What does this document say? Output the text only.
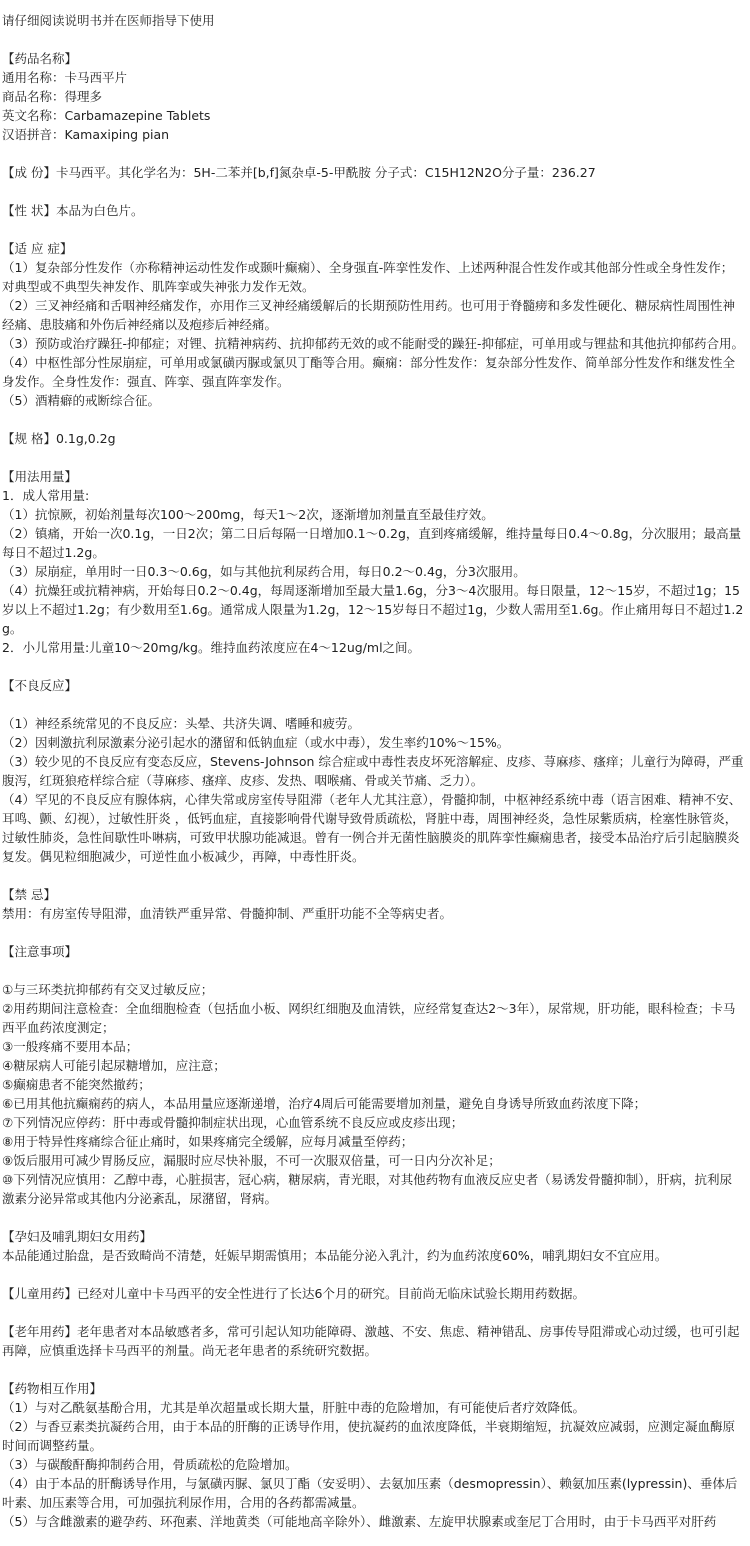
请仔细阅读说明书并在医师指导下使用

【药品名称】

通用名称：卡马西平片

商品名称：得理多

英文名称：Carbamazepine Tablets

汉语拼音：Kamaxiping pian

【成 份】卡马西平。其化学名为：5H-二苯并[b,f]氮杂卓-5-甲酰胺 分子式：C15H12N2O分子量：236.27

【性 状】本品为白色片。

【适 应 症】

（1）复杂部分性发作（亦称精神运动性发作或颞叶癫痫）、全身强直-阵挛性发作、上述两种混合性发作或其他部分性或全身性发作；对典型或不典型失神发作、肌阵挛或失神张力发作无效。

（2）三叉神经痛和舌咽神经痛发作，亦用作三叉神经痛缓解后的长期预防性用药。也可用于脊髓痨和多发性硬化、糖尿病性周围性神经痛、患肢痛和外伤后神经痛以及疱疹后神经痛。

（3）预防或治疗躁狂-抑郁症；对锂、抗精神病药、抗抑郁药无效的或不能耐受的躁狂-抑郁症，可单用或与锂盐和其他抗抑郁药合用。

（4）中枢性部分性尿崩症，可单用或氯磺丙脲或氯贝丁酯等合用。癫痫：部分性发作：复杂部分性发作、简单部分性发作和继发性全身发作。全身性发作：强直、阵挛、强直阵挛发作。

（5）酒精癖的戒断综合征。

【规 格】0.1g,0.2g

【用法用量】

1．成人常用量:

（1）抗惊厥，初始剂量每次100～200mg，每天1～2次，逐渐增加剂量直至最佳疗效。

（2）镇痛，开始一次0.1g，一日2次；第二日后每隔一日增加0.1～0.2g，直到疼痛缓解，维持量每日0.4～0.8g，分次服用；最高量每日不超过1.2g。

（3）尿崩症，单用时一日0.3～0.6g，如与其他抗利尿药合用，每日0.2～0.4g，分3次服用。

（4）抗燥狂或抗精神病，开始每日0.2～0.4g，每周逐渐增加至最大量1.6g，分3～4次服用。每日限量，12～15岁，不超过1g；15岁以上不超过1.2g；有少数用至1.6g。通常成人限量为1.2g，12～15岁每日不超过1g，少数人需用至1.6g。作止痛用每日不超过1.2g。

2．小儿常用量:儿童10～20mg/kg。维持血药浓度应在4～12ug/ml之间。

【不良反应】

（1）神经系统常见的不良反应：头晕、共济失调、嗜睡和疲劳。

（2）因刺激抗利尿激素分泌引起水的潴留和低钠血症（或水中毒），发生率约10%～15%。

（3）较少见的不良反应有变态反应，Stevens-Johnson 综合症或中毒性表皮坏死溶解症、皮疹、荨麻疹、瘙痒；儿童行为障碍，严重腹泻，红斑狼疮样综合症（荨麻疹、瘙痒、皮疹、发热、咽喉痛、骨或关节痛、乏力）。

（4）罕见的不良反应有腺体病，心律失常或房室传导阻滞（老年人尤其注意），骨髓抑制，中枢神经系统中毒（语言困难、精神不安、耳鸣、颤、幻视），过敏性肝炎 ，低钙血症，直接影响骨代谢导致骨质疏松，肾脏中毒，周围神经炎，急性尿紫质病，栓塞性脉管炎，过敏性肺炎，急性间歇性卟啉病，可致甲状腺功能减退。曾有一例合并无菌性脑膜炎的肌阵挛性癫痫患者，接受本品治疗后引起脑膜炎复发。偶见粒细胞减少，可逆性血小板减少，再障，中毒性肝炎。

【禁 忌】

禁用：有房室传导阻滞，血清铁严重异常、骨髓抑制、严重肝功能不全等病史者。

【注意事项】

①与三环类抗抑郁药有交叉过敏反应；

②用药期间注意检查：全血细胞检查（包括血小板、网织红细胞及血清铁，应经常复查达2～3年），尿常规，肝功能，眼科检查；卡马西平血药浓度测定；

③一般疼痛不要用本品；

④糖尿病人可能引起尿糖增加，应注意；

⑤癫痫患者不能突然撤药；

⑥已用其他抗癫痫药的病人，本品用量应逐渐递增，治疗4周后可能需要增加剂量，避免自身诱导所致血药浓度下降；

⑦下列情况应停药：肝中毒或骨髓抑制症状出现，心血管系统不良反应或皮疹出现；

⑧用于特异性疼痛综合征止痛时，如果疼痛完全缓解，应每月减量至停药；

⑨饭后服用可减少胃肠反应，漏服时应尽快补服，不可一次服双倍量，可一日内分次补足；

⑩下列情况应慎用：乙醇中毒，心脏损害，冠心病，糖尿病，青光眼，对其他药物有血液反应史者（易诱发骨髓抑制），肝病，抗利尿激素分泌异常或其他内分泌紊乱，尿潴留，肾病。

【孕妇及哺乳期妇女用药】

本品能通过胎盘，是否致畸尚不清楚，妊娠早期需慎用；本品能分泌入乳汁，约为血药浓度60%，哺乳期妇女不宜应用。

【儿童用药】已经对儿童中卡马西平的安全性进行了长达6个月的研究。目前尚无临床试验长期用药数据。

【老年用药】老年患者对本品敏感者多，常可引起认知功能障碍、激越、不安、焦虑、精神错乱、房事传导阻滞或心动过缓，也可引起再障，应慎重选择卡马西平的剂量。尚无老年患者的系统研究数据。

【药物相互作用】

（1）与对乙酰氨基酚合用，尤其是单次超量或长期大量，肝脏中毒的危险增加，有可能使后者疗效降低。

（2）与香豆素类抗凝药合用，由于本品的肝酶的正诱导作用，使抗凝药的血浓度降低，半衰期缩短，抗凝效应减弱，应测定凝血酶原时间而调整药量。

（3）与碳酸酐酶抑制药合用，骨质疏松的危险增加。

（4）由于本品的肝酶诱导作用，与氯磺丙脲、氯贝丁酯（安妥明）、去氨加压素（desmopressin）、赖氨加压素(lypressin)、垂体后叶素、加压素等合用，可加强抗利尿作用，合用的各药都需减量。

（5）与含雌激素的避孕药、环孢素、洋地黄类（可能地高辛除外）、雌激素、左旋甲状腺素或奎尼丁合用时，由于卡马西平对肝药
